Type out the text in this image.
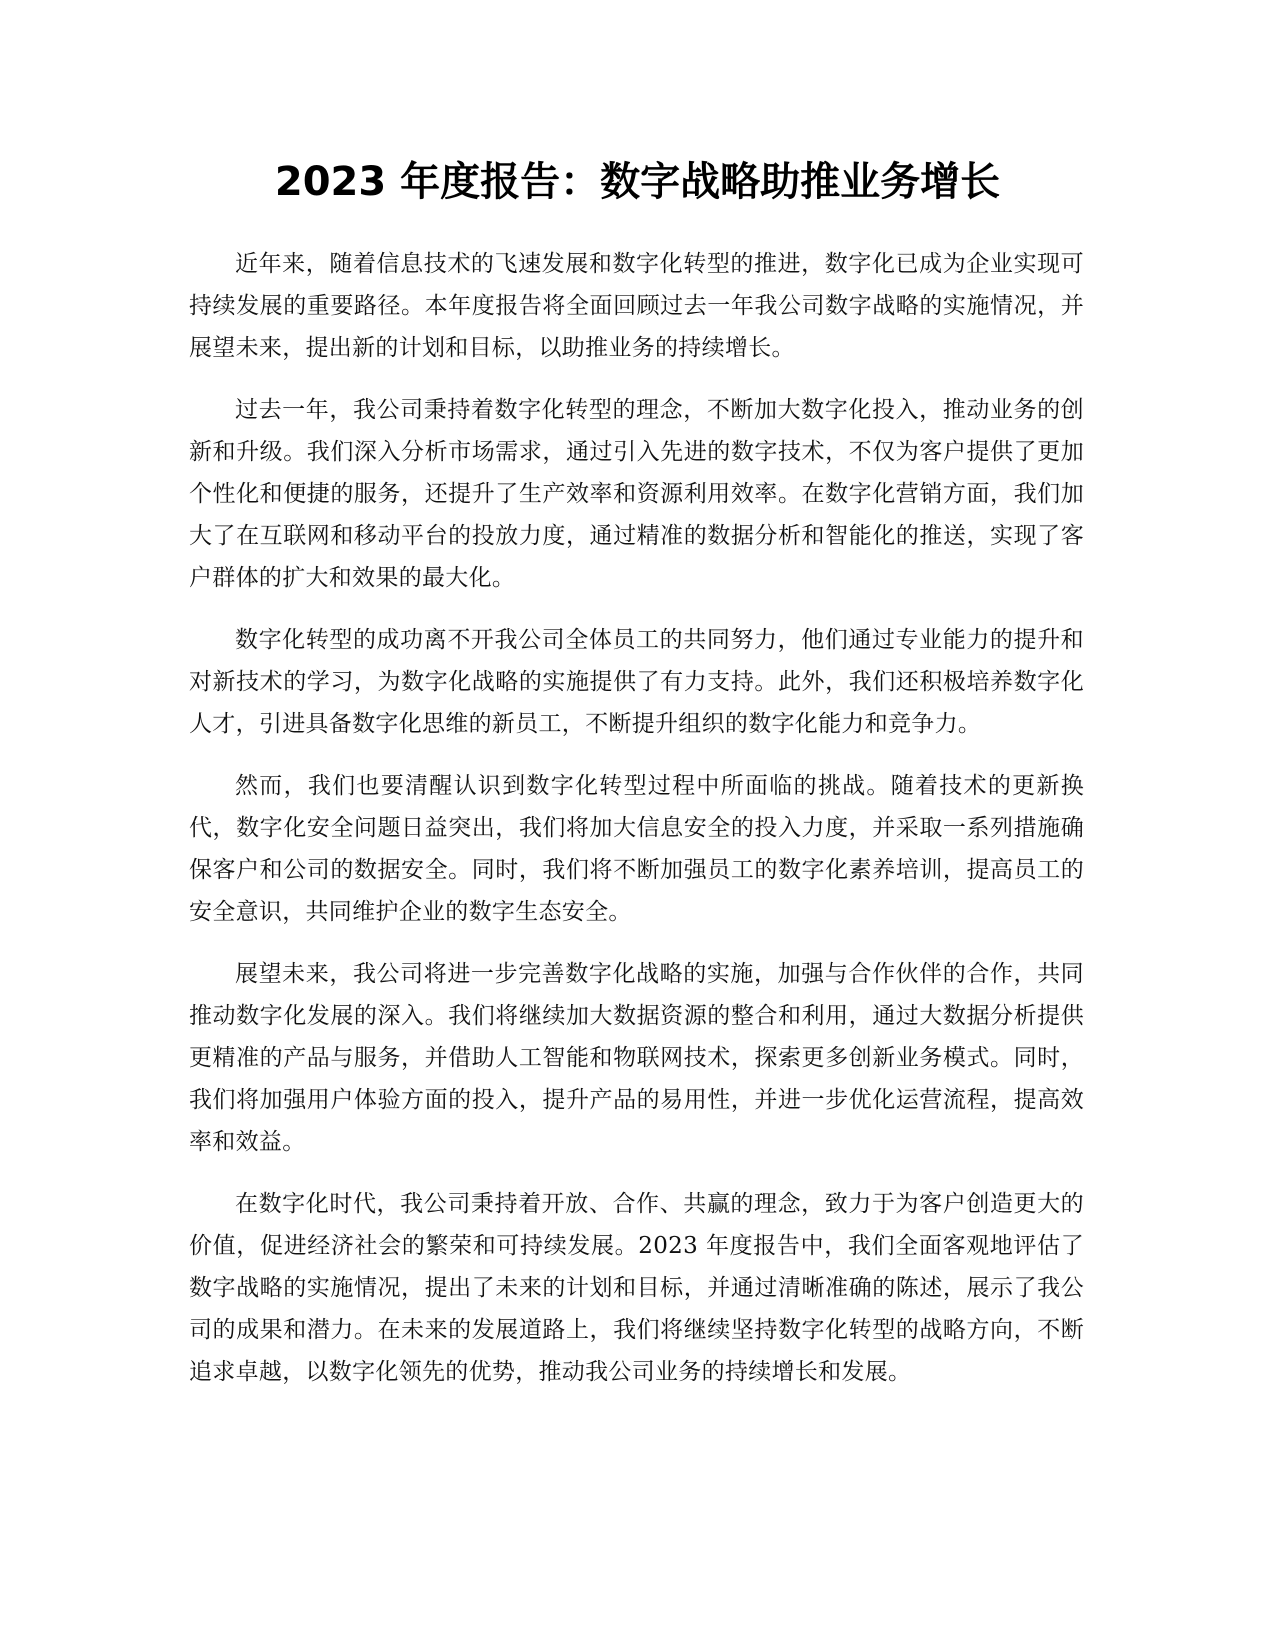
2023 年度报告：数字战略助推业务增长

近年来，随着信息技术的飞速发展和数字化转型的推进，数字化已成为企业实现可持续发展的重要路径。本年度报告将全面回顾过去一年我公司数字战略的实施情况，并展望未来，提出新的计划和目标，以助推业务的持续增长。

过去一年，我公司秉持着数字化转型的理念，不断加大数字化投入，推动业务的创新和升级。我们深入分析市场需求，通过引入先进的数字技术，不仅为客户提供了更加个性化和便捷的服务，还提升了生产效率和资源利用效率。在数字化营销方面，我们加大了在互联网和移动平台的投放力度，通过精准的数据分析和智能化的推送，实现了客户群体的扩大和效果的最大化。

数字化转型的成功离不开我公司全体员工的共同努力，他们通过专业能力的提升和对新技术的学习，为数字化战略的实施提供了有力支持。此外，我们还积极培养数字化人才，引进具备数字化思维的新员工，不断提升组织的数字化能力和竞争力。

然而，我们也要清醒认识到数字化转型过程中所面临的挑战。随着技术的更新换代，数字化安全问题日益突出，我们将加大信息安全的投入力度，并采取一系列措施确保客户和公司的数据安全。同时，我们将不断加强员工的数字化素养培训，提高员工的安全意识，共同维护企业的数字生态安全。

展望未来，我公司将进一步完善数字化战略的实施，加强与合作伙伴的合作，共同推动数字化发展的深入。我们将继续加大数据资源的整合和利用，通过大数据分析提供更精准的产品与服务，并借助人工智能和物联网技术，探索更多创新业务模式。同时，我们将加强用户体验方面的投入，提升产品的易用性，并进一步优化运营流程，提高效率和效益。

在数字化时代，我公司秉持着开放、合作、共赢的理念，致力于为客户创造更大的价值，促进经济社会的繁荣和可持续发展。2023 年度报告中，我们全面客观地评估了数字战略的实施情况，提出了未来的计划和目标，并通过清晰准确的陈述，展示了我公司的成果和潜力。在未来的发展道路上，我们将继续坚持数字化转型的战略方向，不断追求卓越，以数字化领先的优势，推动我公司业务的持续增长和发展。
